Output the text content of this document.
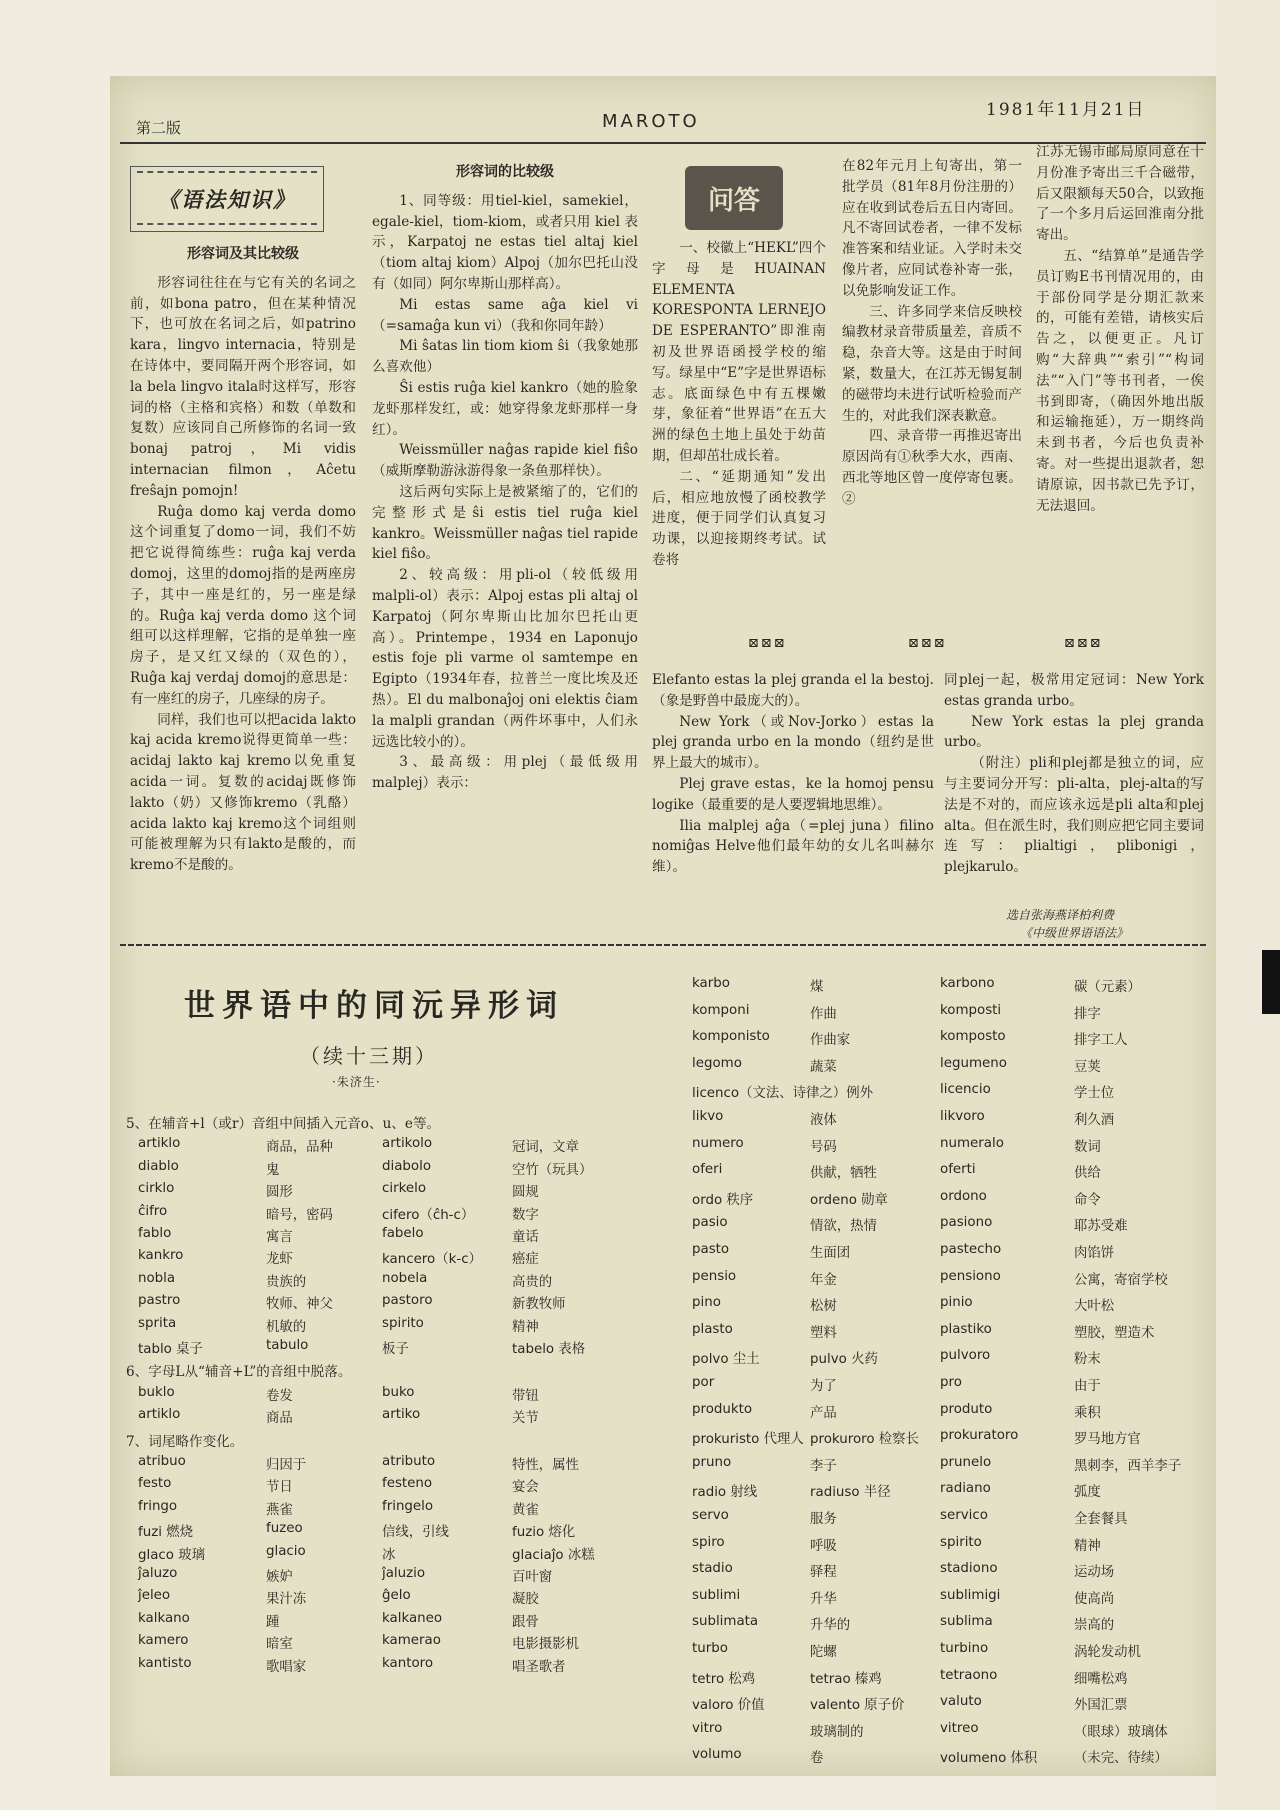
第二版	MAROTO
1981年11月21日
《语法知识》

形容词及其比较级

形容词往往在与它有关的名词之前，如bona patro，但在某种情况下，也可放在名词之后，如patrino kara，lingvo internacia，特别是在诗体中，要同隔开两个形容词，如la bela lingvo itala时这样写，形容词的格（主格和宾格）和数（单数和复数）应该同自己所修饰的名词一致bonaj patroj，Mi vidis internacian filmon，Aĉetu freŝajn pomojn!

Ruĝa domo kaj verda domo这个词重复了domo一词，我们不妨把它说得简练些：ruĝa kaj verda domoj，这里的domoj指的是两座房子，其中一座是红的，另一座是绿的。Ruĝa kaj verda domo 这个词组可以这样理解，它指的是单独一座房子，是又红又绿的（双色的），Ruĝa kaj verdaj domoj的意思是：有一座红的房子，几座绿的房子。

同样，我们也可以把acida lakto kaj acida kremo说得更简单一些：acidaj lakto kaj kremo以免重复acida一词。复数的acidaj既修饰lakto（奶）又修饰kremo（乳酪）acida lakto kaj kremo这个词组则可能被理解为只有lakto是酸的，而kremo不是酸的。

形容词的比较级

1、同等级：用tiel-kiel，samekiel，egale-kiel，tiom-kiom，或者只用 kiel 表示，Karpatoj ne estas tiel altaj kiel（tiom altaj kiom）Alpoj（加尔巴托山没有（如同）阿尔卑斯山那样高）。

Mi estas same aĝa kiel vi（=samaĝa kun vi）（我和你同年龄）

Mi ŝatas lin tiom kiom ŝi（我象她那么喜欢他）

Ŝi estis ruĝa kiel kankro（她的脸象龙虾那样发红，或：她穿得象龙虾那样一身红）。

Weissmüller naĝas rapide kiel fiŝo（威斯摩勒游泳游得象一条鱼那样快）。

这后两句实际上是被紧缩了的，它们的完整形式是ŝi estis tiel ruĝa kiel kankro。Weissmüller naĝas tiel rapide kiel fiŝo。

2、较高级：用pli-ol（较低级用malpli-ol）表示：Alpoj estas pli altaj ol Karpatoj（阿尔卑斯山比加尔巴托山更高）。Printempe，1934 en Laponujo estis foje pli varme ol samtempe en Egipto（1934年春，拉普兰一度比埃及还热）。El du malbonaĵoj oni elektis ĉiam la malpli grandan（两件坏事中，人们永远选比较小的）。

3、最高级：用plej（最低级用malplej）表示：

问答

一、校徽上“HEKL”四个字母是HUAINAN ELEMENTA KORESPONTA LERNEJO DE ESPERANTO”即淮南初及世界语函授学校的缩写。绿星中“E”字是世界语标志。底面绿色中有五棵嫩芽，象征着“世界语”在五大洲的绿色土地上虽处于幼苗期，但却茁壮成长着。

二、“延期通知”发出后，相应地放慢了函校教学进度，便于同学们认真复习功课，以迎接期终考试。试卷将

在82年元月上旬寄出，第一批学员（81年8月份注册的）应在收到试卷后五日内寄回。凡不寄回试卷者，一律不发标准答案和结业证。入学时未交像片者，应同试卷补寄一张，以免影响发证工作。

三、许多同学来信反映校编教材录音带质量差，音质不稳，杂音大等。这是由于时间紧，数量大，在江苏无锡复制的磁带均未进行试听检验而产生的，对此我们深表歉意。

四、录音带一再推迟寄出原因尚有①秋季大水，西南、西北等地区曾一度停寄包裹。②

江苏无锡市邮局原同意在十月份准予寄出三千合磁带，后又限额每天50合，以致拖了一个多月后运回淮南分批寄出。

五、“结算单”是通告学员订购E书刊情况用的，由于部份同学是分期汇款来的，可能有差错，请核实后告之，以便更正。凡订购“大辞典”“索引”“构词法”“入门”等书刊者，一俟书到即寄，（确因外地出版和运输拖延），万一期终尚未到书者，今后也负责补寄。对一些提出退款者，恕请原谅，因书款已先予订，无法退回。

⊠⊠⊠	⊠⊠⊠	⊠⊠⊠

Elefanto estas la plej granda el la bestoj.（象是野兽中最庞大的）。

New York（或Nov-Jorko）estas la plej granda urbo en la mondo（纽约是世界上最大的城市）。

Plej grave estas，ke la homoj pensu logike（最重要的是人要逻辑地思维）。

Ilia malplej aĝa（=plej juna）filino nomiĝas Helve他们最年幼的女儿名叫赫尔维）。

同plej一起，极常用定冠词：New York estas granda urbo。

New York estas la plej granda urbo。

（附注）pli和plej都是独立的词，应与主要词分开写：pli-alta，plej-alta的写法是不对的，而应该永远是pli alta和plej alta。但在派生时，我们则应把它同主要词连写：plialtigi，plibonigi，plejkarulo。

选自张海燕译柏利费
《中级世界语语法》
世界语中的同沅异形词
（续十三期）
·朱济生·
5、在辅音+l（或r）音组中间插入元音o、u、e等。
artiklo	商品，品种	artikolo	冠词，文章
diablo	鬼	diabolo	空竹（玩具）
cirklo	圆形	cirkelo	圆规
ĉifro	暗号，密码	cifero（ĉh-c）	数字
fablo	寓言	fabelo	童话
kankro	龙虾	kancero（k-c） 癌症
nobla	贵族的	nobela	高贵的
pastro	牧师、神父	pastoro	新教牧师
sprita	机敏的	spirito	精神
tablo 桌子	tabulo	板子	tabelo 表格
6、字母L从“辅音+L”的音组中脱落。
buklo	卷发	buko	带钮
artiklo	商品	artiko	关节
7、词尾略作变化。
atribuo	归因于	atributo	特性，属性
festo	节日	festeno	宴会
fringo	燕雀	fringelo	黄雀
fuzi 燃烧	fuzeo	信线，引线	fuzio 熔化
glaco 玻璃	glacio	冰	glaciaĵo 冰糕
ĵaluzo	嫉妒	ĵaluzio	百叶窗
ĵeleo	果汁冻	ĝelo	凝胶
kalkano	踵	kalkaneo	跟骨
kamero	暗室	kameraо	电影摄影机
kantisto	歌唱家	kantoro	唱圣歌者
karbo	煤	karbono	碳（元素）
komponi	作曲	komposti	排字
komponisto	作曲家	kompostо	排字工人
legomo	蔬菜	legumeno	豆荚
licenco（文法、诗律之）例外	licencio	学士位
likvo	液体	likvoro	利久酒
numero	号码	numeralo	数词
oferi	供献，牺牲	oferti	供给
ordo 秩序	ordeno 勋章	ordono	命令
pasio	情欲，热情	pasiono	耶苏受难
pasto	生面团	pastecho	肉馅饼
pensio	年金	pensiono	公寓，寄宿学校
pino	松树	pinio	大叶松
plasto	塑料	plastiko	塑胶，塑造术
polvo 尘土	pulvo 火药	pulvoro	粉末
por	为了	pro	由于
produkto	产品	produto	乘积
prokuristo 代理人 prokuroro 检察长 prokuratoro	罗马地方官
pruno	李子	prunelo	黑刺李，西羊李子
radio 射线	radiuso 半径	radiano	弧度
servo	服务	servico	全套餐具
spiro	呼吸	spirito	精神
stadio	驿程	stadiono	运动场
sublimi	升华	sublimigi	使高尚
sublimata	升华的	sublima	崇高的
turbo	陀螺	turbino	涡轮发动机
tetro 松鸡	tetrao 榛鸡	tetraono	细嘴松鸡
valoro 价值	valento 原子价	valuto	外国汇票
vitro	玻璃制的	vitreo	（眼球）玻璃体
volumo	卷	volumeno 体积	（未完、待续）
